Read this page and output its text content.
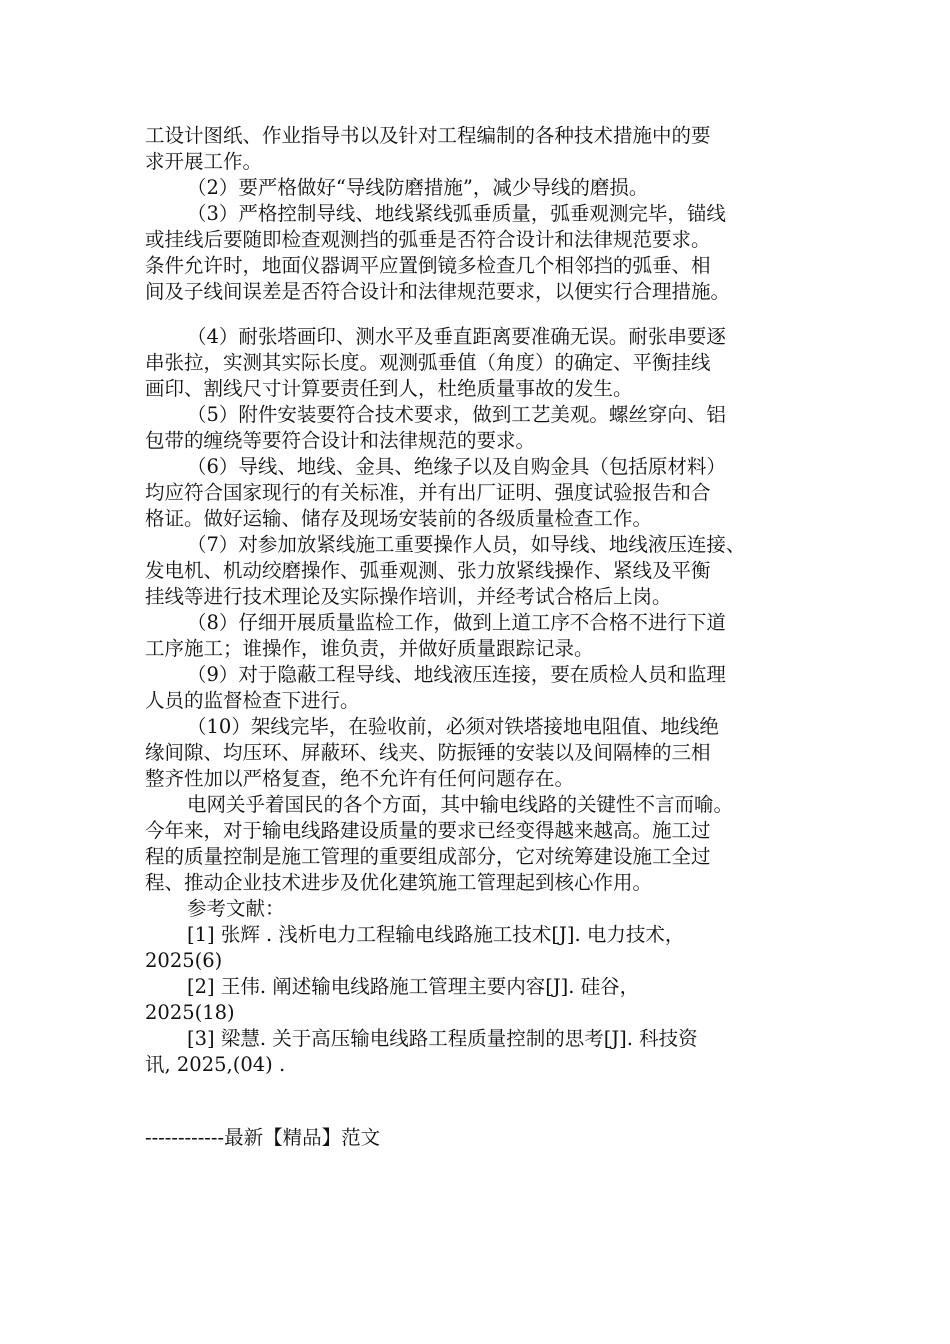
工设计图纸、作业指导书以及针对工程编制的各种技术措施中的要
求开展工作。
（2）要严格做好“导线防磨措施”，减少导线的磨损。
（3）严格控制导线、地线紧线弧垂质量，弧垂观测完毕，锚线
或挂线后要随即检查观测挡的弧垂是否符合设计和法律规范要求。
条件允许时，地面仪器调平应置倒镜多检查几个相邻挡的弧垂、相
间及子线间误差是否符合设计和法律规范要求，以便实行合理措施。
（4）耐张塔画印、测水平及垂直距离要准确无误。耐张串要逐
串张拉，实测其实际长度。观测弧垂值（角度）的确定、平衡挂线
画印、割线尺寸计算要责任到人，杜绝质量事故的发生。
（5）附件安装要符合技术要求，做到工艺美观。螺丝穿向、铝
包带的缠绕等要符合设计和法律规范的要求。
（6）导线、地线、金具、绝缘子以及自购金具（包括原材料）
均应符合国家现行的有关标准，并有出厂证明、强度试验报告和合
格证。做好运输、储存及现场安装前的各级质量检查工作。
（7）对参加放紧线施工重要操作人员，如导线、地线液压连接、
发电机、机动绞磨操作、弧垂观测、张力放紧线操作、紧线及平衡
挂线等进行技术理论及实际操作培训，并经考试合格后上岗。
（8）仔细开展质量监检工作，做到上道工序不合格不进行下道
工序施工；谁操作，谁负责，并做好质量跟踪记录。
（9）对于隐蔽工程导线、地线液压连接，要在质检人员和监理
人员的监督检查下进行。
（10）架线完毕，在验收前，必须对铁塔接地电阻值、地线绝
缘间隙、均压环、屏蔽环、线夹、防振锤的安装以及间隔棒的三相
整齐性加以严格复查，绝不允许有任何问题存在。
电网关乎着国民的各个方面，其中输电线路的关键性不言而喻。
今年来，对于输电线路建设质量的要求已经变得越来越高。施工过
程的质量控制是施工管理的重要组成部分，它对统筹建设施工全过
程、推动企业技术进步及优化建筑施工管理起到核心作用。
参考文献：
[1] 张辉 . 浅析电力工程输电线路施工技术[J]. 电力技术，
2025(6)
[2] 王伟. 阐述输电线路施工管理主要内容[J]. 硅谷，
2025(18)
[3] 梁慧. 关于高压输电线路工程质量控制的思考[J]. 科技资
讯, 2025,(04) .
------------最新【精品】范文
